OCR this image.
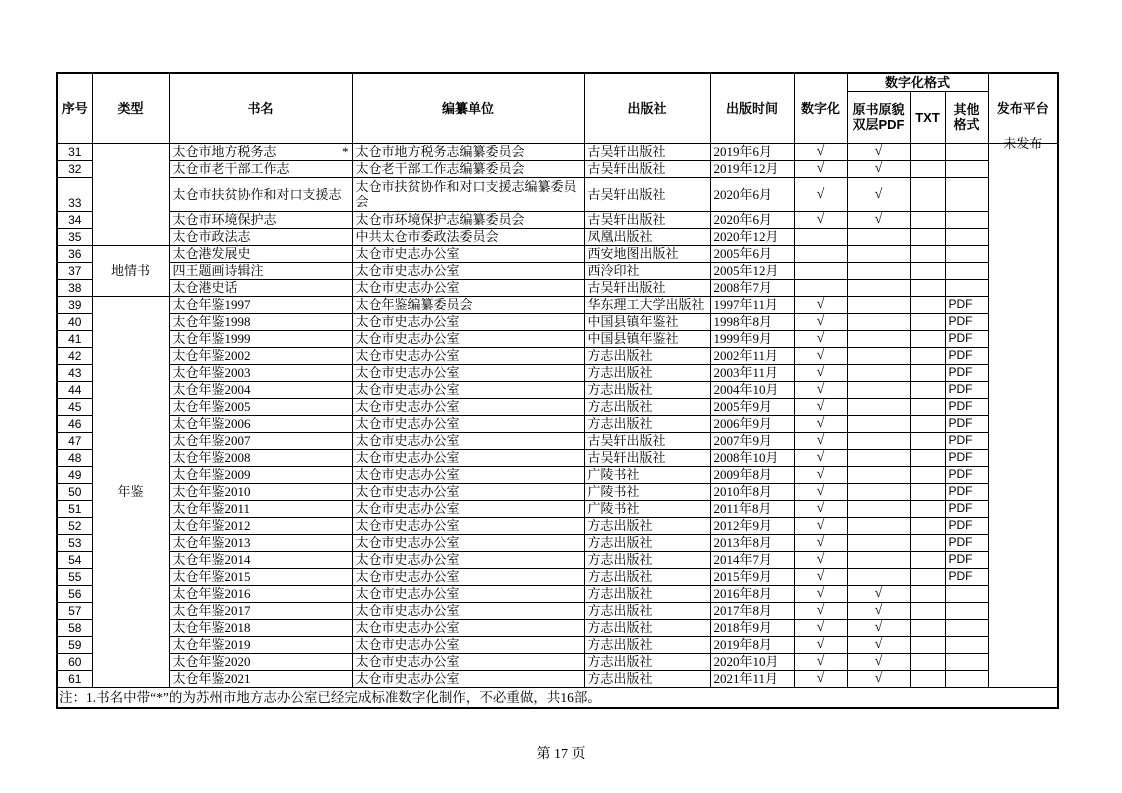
序号	类型	书名	编纂单位	出版社	出版时间	数字化	数字化格式			发布平台
							原书原貌双层PDF	TXT	其他格式	
31		太仓市地方税务志 *	太仓市地方税务志编纂委员会	古吴轩出版社	2019年6月	√	√			未发布

32		太仓市老干部工作志	太仓老干部工作志编纂委员会	古吴轩出版社	2019年12月	√	√			
33		太仓市扶贫协作和对口支援志	太仓市扶贫协作和对口支援志编纂委员会	古吴轩出版社	2020年6月	√	√			
34		太仓市环境保护志	太仓市环境保护志编纂委员会	古吴轩出版社	2020年6月	√	√			
35		太仓市政法志	中共太仓市委政法委员会	凤凰出版社	2020年12月					
36	地情书	太仓港发展史	太仓市史志办公室	西安地图出版社	2005年6月					
37		四王题画诗辑注	太仓市史志办公室	西泠印社	2005年12月					
38		太仓港史话	太仓市史志办公室	古吴轩出版社	2008年7月					
39	年鉴	太仓年鉴1997	太仓年鉴编纂委员会	华东理工大学出版社	1997年11月	√			PDF	
40		太仓年鉴1998	太仓市史志办公室	中国县镇年鉴社	1998年8月	√			PDF	
41		太仓年鉴1999	太仓市史志办公室	中国县镇年鉴社	1999年9月	√			PDF	
42		太仓年鉴2002	太仓市史志办公室	方志出版社	2002年11月	√			PDF	
43		太仓年鉴2003	太仓市史志办公室	方志出版社	2003年11月	√			PDF	
44		太仓年鉴2004	太仓市史志办公室	方志出版社	2004年10月	√			PDF	
45		太仓年鉴2005	太仓市史志办公室	方志出版社	2005年9月	√			PDF	
46		太仓年鉴2006	太仓市史志办公室	方志出版社	2006年9月	√			PDF	
47		太仓年鉴2007	太仓市史志办公室	古吴轩出版社	2007年9月	√			PDF	
48		太仓年鉴2008	太仓市史志办公室	古吴轩出版社	2008年10月	√			PDF	
49		太仓年鉴2009	太仓市史志办公室	广陵书社	2009年8月	√			PDF	
50		太仓年鉴2010	太仓市史志办公室	广陵书社	2010年8月	√			PDF	
51		太仓年鉴2011	太仓市史志办公室	广陵书社	2011年8月	√			PDF	
52		太仓年鉴2012	太仓市史志办公室	方志出版社	2012年9月	√			PDF	
53		太仓年鉴2013	太仓市史志办公室	方志出版社	2013年8月	√			PDF	
54		太仓年鉴2014	太仓市史志办公室	方志出版社	2014年7月	√			PDF	
55		太仓年鉴2015	太仓市史志办公室	方志出版社	2015年9月	√			PDF	
56		太仓年鉴2016	太仓市史志办公室	方志出版社	2016年8月	√	√			
57		太仓年鉴2017	太仓市史志办公室	方志出版社	2017年8月	√	√			
58		太仓年鉴2018	太仓市史志办公室	方志出版社	2018年9月	√	√			
59		太仓年鉴2019	太仓市史志办公室	方志出版社	2019年8月	√	√			
60		太仓年鉴2020	太仓市史志办公室	方志出版社	2020年10月	√	√			
61		太仓年鉴2021	太仓市史志办公室	方志出版社	2021年11月	√	√			
注：1.书名中带“*”的为苏州市地方志办公室已经完成标准数字化制作，不必重做，共16部。										
第 17 页
